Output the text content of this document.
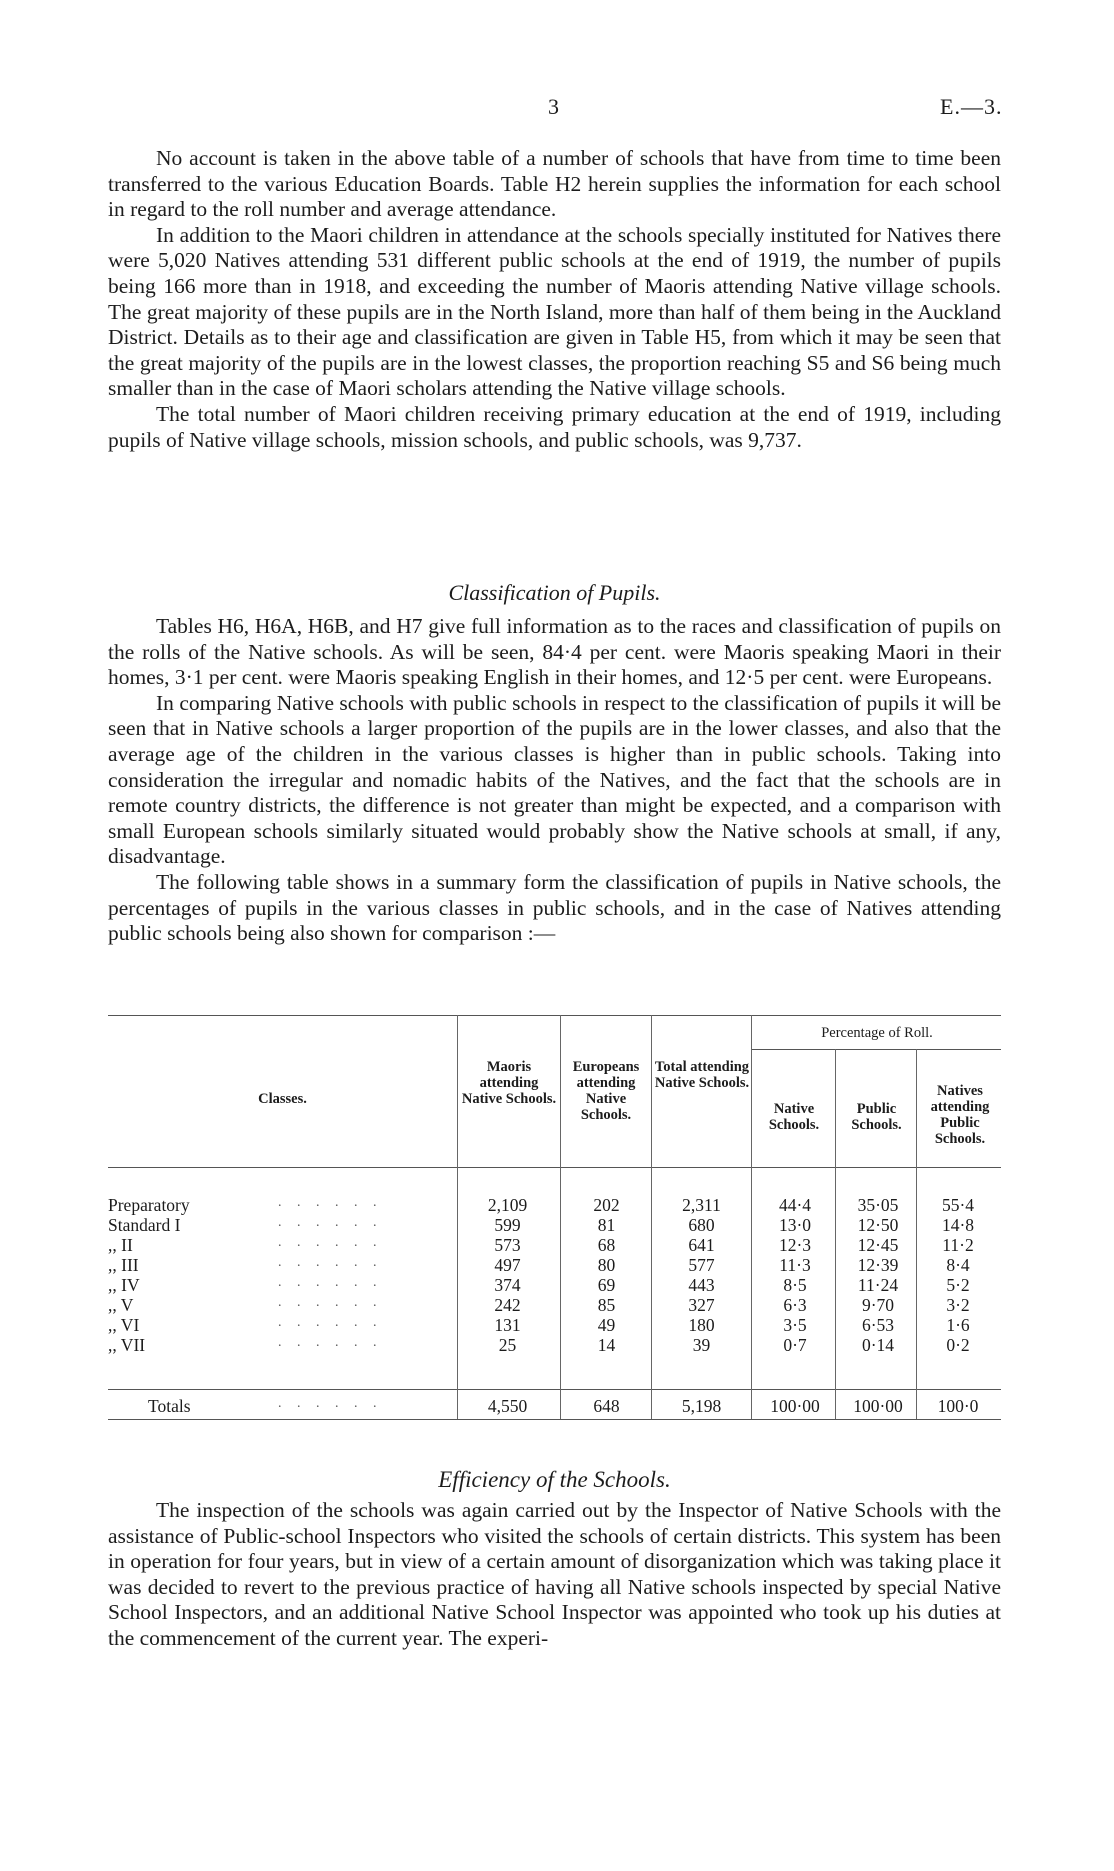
3	E.—3.

No account is taken in the above table of a number of schools that have from time to time been transferred to the various Education Boards. Table H2 herein supplies the information for each school in regard to the roll number and average attendance.

In addition to the Maori children in attendance at the schools specially instituted for Natives there were 5,020 Natives attending 531 different public schools at the end of 1919, the number of pupils being 166 more than in 1918, and exceeding the number of Maoris attending Native village schools. The great majority of these pupils are in the North Island, more than half of them being in the Auckland District. Details as to their age and classification are given in Table H5, from which it may be seen that the great majority of the pupils are in the lowest classes, the proportion reaching S5 and S6 being much smaller than in the case of Maori scholars attending the Native village schools.

The total number of Maori children receiving primary education at the end of 1919, including pupils of Native village schools, mission schools, and public schools, was 9,737.

Classification of Pupils.

Tables H6, H6A, H6B, and H7 give full information as to the races and classification of pupils on the rolls of the Native schools. As will be seen, 84·4 per cent. were Maoris speaking Maori in their homes, 3·1 per cent. were Maoris speaking English in their homes, and 12·5 per cent. were Europeans.

In comparing Native schools with public schools in respect to the classification of pupils it will be seen that in Native schools a larger proportion of the pupils are in the lower classes, and also that the average age of the children in the various classes is higher than in public schools. Taking into consideration the irregular and nomadic habits of the Natives, and the fact that the schools are in remote country districts, the difference is not greater than might be expected, and a comparison with small European schools similarly situated would probably show the Native schools at small, if any, disadvantage.

The following table shows in a summary form the classification of pupils in Native schools, the percentages of pupils in the various classes in public schools, and in the case of Natives attending public schools being also shown for comparison :—

Classes.
Maoris attending Native Schools.
Europeans attending Native Schools.
Total attending Native Schools.
Percentage of Roll.
Native Schools.
Public Schools.
Natives attending Public Schools.
Preparatory	. . . . . .	2,109	202	2,311	44·4	35·05	55·4
Standard I	. . . . . .	599	81	680	13·0	12·50	14·8
,, II	. . . . . .	573	68	641	12·3	12·45	11·2
,, III	. . . . . .	497	80	577	11·3	12·39	8·4
,, IV	. . . . . .	374	69	443	8·5	11·24	5·2
,, V	. . . . . .	242	85	327	6·3	9·70	3·2
,, VI	. . . . . .	131	49	180	3·5	6·53	1·6
,, VII	. . . . . .	25	14	39	0·7	0·14	0·2
Totals	. . . . . .	4,550	648	5,198	100·00	100·00	100·0
Efficiency of the Schools.

The inspection of the schools was again carried out by the Inspector of Native Schools with the assistance of Public-school Inspectors who visited the schools of certain districts. This system has been in operation for four years, but in view of a certain amount of disorganization which was taking place it was decided to revert to the previous practice of having all Native schools inspected by special Native School Inspectors, and an additional Native School Inspector was appointed who took up his duties at the commencement of the current year. The experi-
